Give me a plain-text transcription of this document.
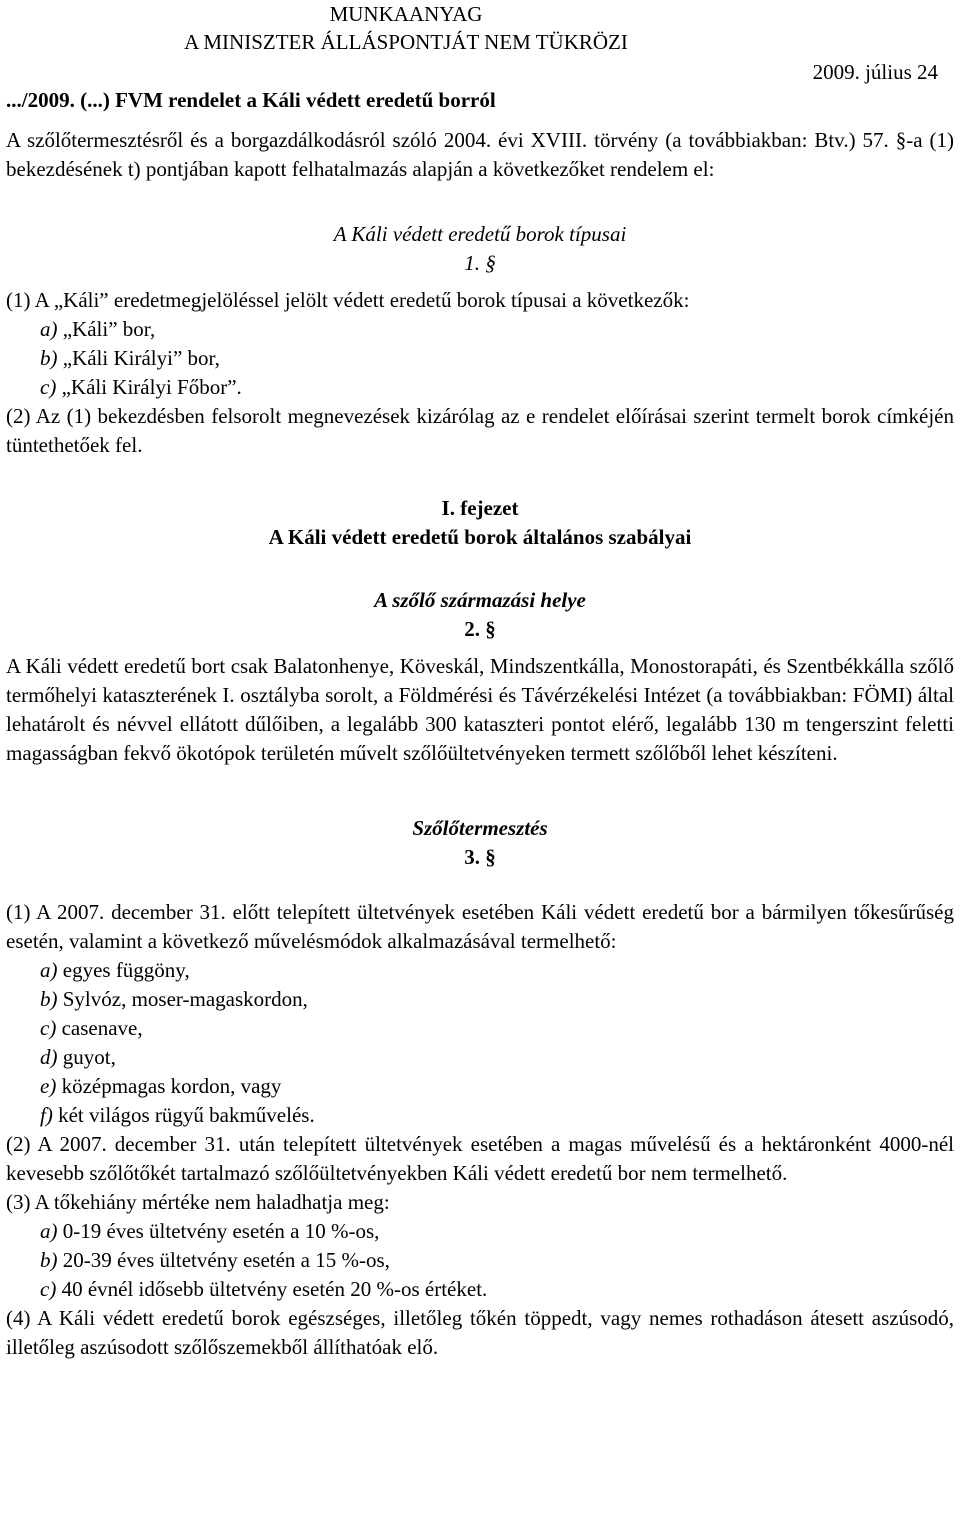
MUNKAANYAG
A MINISZTER ÁLLÁSPONTJÁT NEM TÜKRÖZI
2009. július 24
.../2009. (...) FVM rendelet a Káli védett eredetű borról
A szőlőtermesztésről és a borgazdálkodásról szóló 2004. évi XVIII. törvény (a továbbiakban: Btv.) 57. §-a (1) bekezdésének t) pontjában kapott felhatalmazás alapján a következőket rendelem el:
A Káli védett eredetű borok típusai
1. §
(1) A „Káli” eredetmegjelöléssel jelölt védett eredetű borok típusai a következők:
a) „Káli” bor,
b) „Káli Királyi” bor,
c) „Káli Királyi Főbor”.
(2) Az (1) bekezdésben felsorolt megnevezések kizárólag az e rendelet előírásai szerint termelt borok címkéjén tüntethetőek fel.
I. fejezet
A Káli védett eredetű borok általános szabályai
A szőlő származási helye
2. §
A Káli védett eredetű bort csak Balatonhenye, Köveskál, Mindszentkálla, Monostorapáti, és Szentbékkálla szőlő termőhelyi kataszterének I. osztályba sorolt, a Földmérési és Távérzékelési Intézet (a továbbiakban: FÖMI) által lehatárolt és névvel ellátott dűlőiben, a legalább 300 kataszteri pontot elérő, legalább 130 m tengerszint feletti magasságban fekvő ökotópok területén művelt szőlőültetvényeken termett szőlőből lehet készíteni.
Szőlőtermesztés
3. §
(1) A 2007. december 31. előtt telepített ültetvények esetében Káli védett eredetű bor a bármilyen tőkesűrűség esetén, valamint a következő művelésmódok alkalmazásával termelhető:
a) egyes függöny,
b) Sylvóz, moser-magaskordon,
c) casenave,
d) guyot,
e) középmagas kordon, vagy
f) két világos rügyű bakművelés.
(2) A 2007. december 31. után telepített ültetvények esetében a magas művelésű és a hektáronként 4000-nél kevesebb szőlőtőkét tartalmazó szőlőültetvényekben Káli védett eredetű bor nem termelhető.
(3) A tőkehiány mértéke nem haladhatja meg:
a) 0-19 éves ültetvény esetén a 10 %-os,
b) 20-39 éves ültetvény esetén a 15 %-os,
c) 40 évnél idősebb ültetvény esetén 20 %-os értéket.
(4) A Káli védett eredetű borok egészséges, illetőleg tőkén töppedt, vagy nemes rothadáson átesett aszúsodó, illetőleg aszúsodott szőlőszemekből állíthatóak elő.
